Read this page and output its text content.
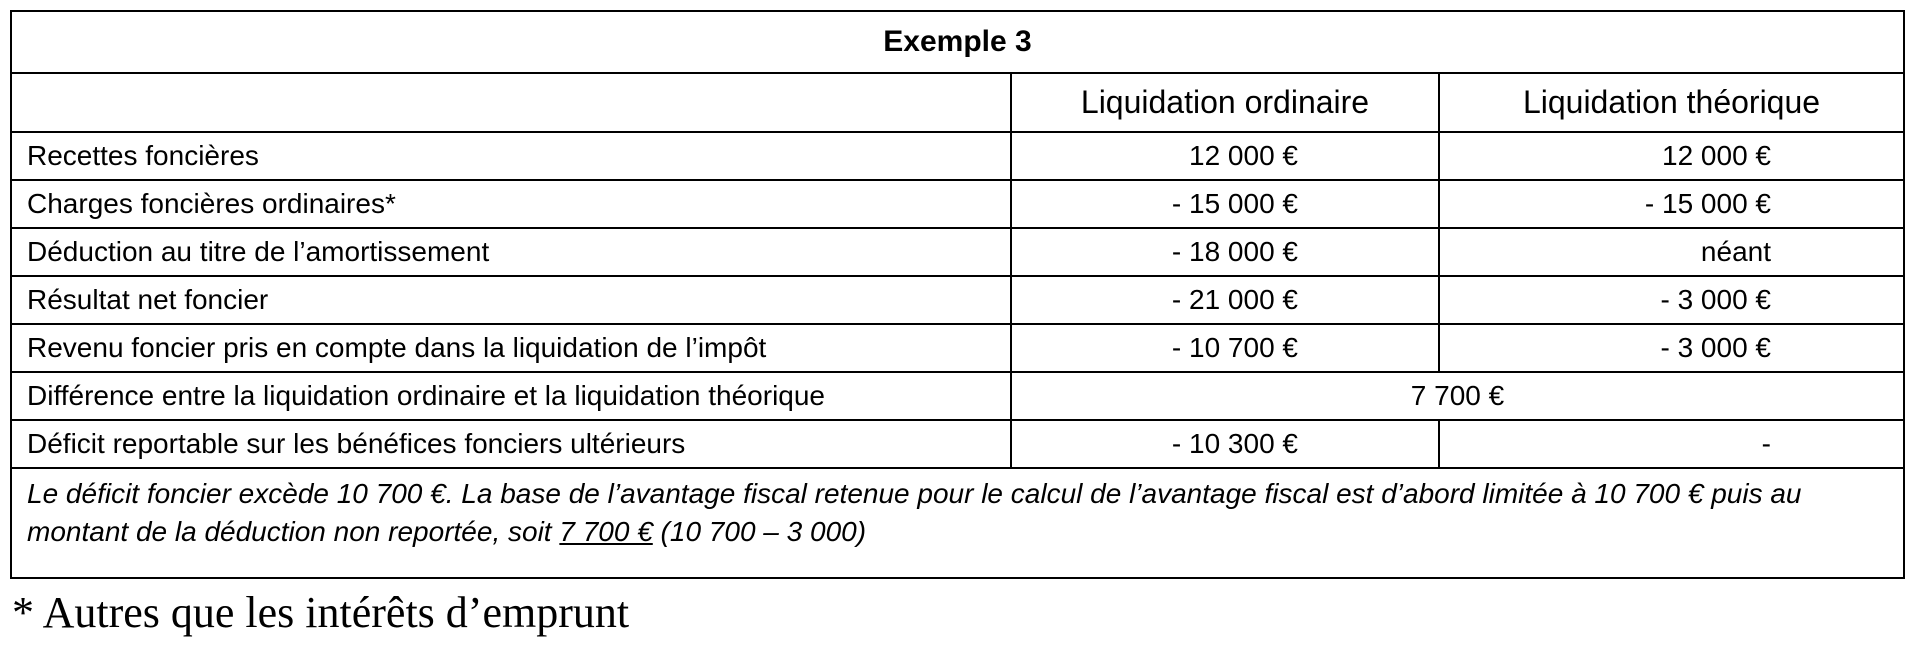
Exemple 3		
	Liquidation ordinaire	Liquidation théorique
Recettes foncières	12 000 €	12 000 €
Charges foncières ordinaires*	- 15 000 €	- 15 000 €
Déduction au titre de l’amortissement	- 18 000 €	néant
Résultat net foncier	- 21 000 €	- 3 000 €
Revenu foncier pris en compte dans la liquidation de l’impôt	- 10 700 €	- 3 000 €
Différence entre la liquidation ordinaire et la liquidation théorique	7 700 €	
Déficit reportable sur les bénéfices fonciers ultérieurs	- 10 300 €	-
Le déficit foncier excède 10 700 €. La base de l’avantage fiscal retenue pour le calcul de l’avantage fiscal est d’abord limitée à 10 700 € puis au montant de la déduction non reportée, soit 7 700 € (10 700 – 3 000)		
* Autres que les intérêts d’emprunt
